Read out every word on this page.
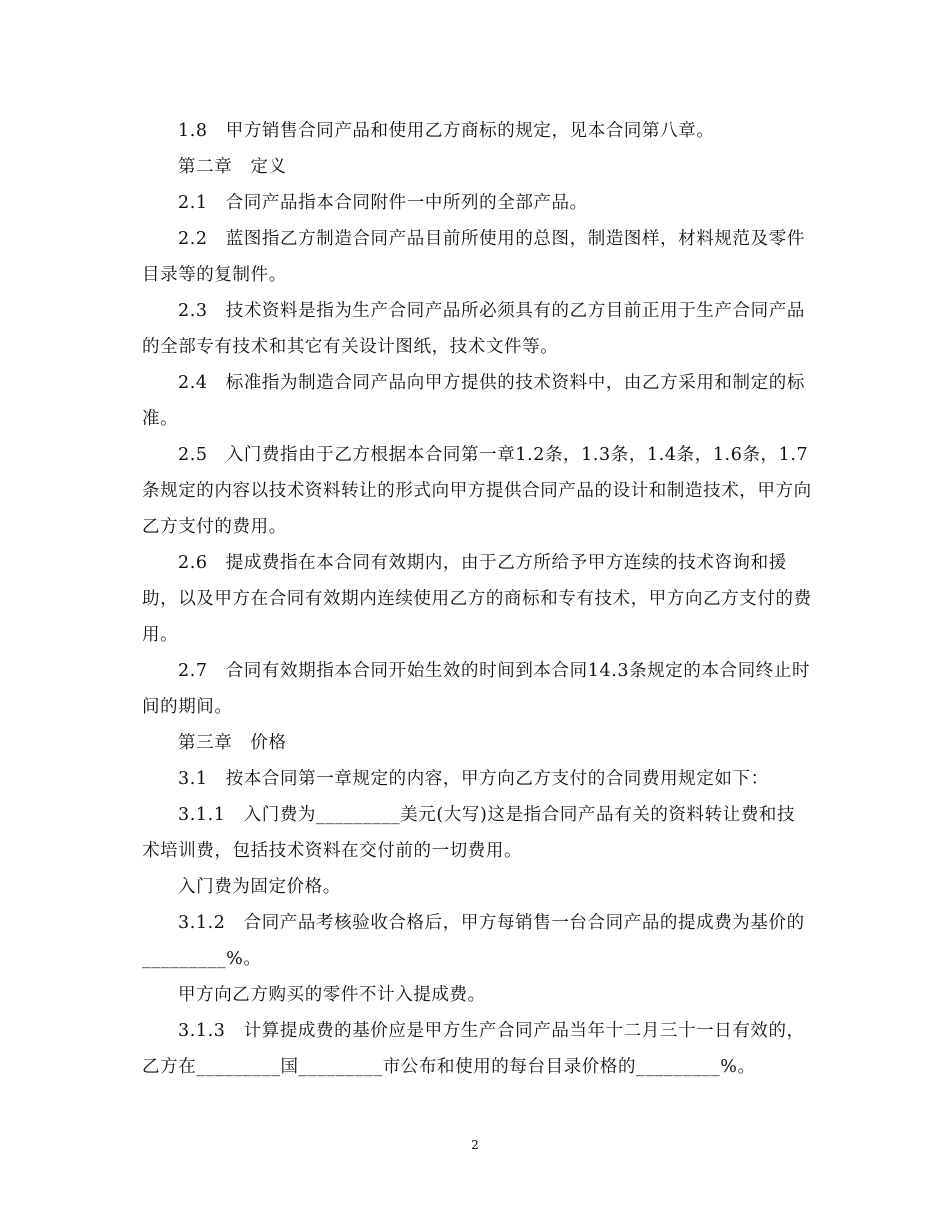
1.8　甲方销售合同产品和使用乙方商标的规定，见本合同第八章。

第二章　定义

2.1　合同产品指本合同附件一中所列的全部产品。

2.2　蓝图指乙方制造合同产品目前所使用的总图，制造图样，材料规范及零件目录等的复制件。

2.3　技术资料是指为生产合同产品所必须具有的乙方目前正用于生产合同产品的全部专有技术和其它有关设计图纸，技术文件等。

2.4　标准指为制造合同产品向甲方提供的技术资料中，由乙方采用和制定的标准。

2.5　入门费指由于乙方根据本合同第一章1.2条，1.3条，1.4条，1.6条，1.7条规定的内容以技术资料转让的形式向甲方提供合同产品的设计和制造技术，甲方向乙方支付的费用。

2.6　提成费指在本合同有效期内，由于乙方所给予甲方连续的技术咨询和援助，以及甲方在合同有效期内连续使用乙方的商标和专有技术，甲方向乙方支付的费用。

2.7　合同有效期指本合同开始生效的时间到本合同14.3条规定的本合同终止时间的期间。

第三章　价格

3.1　按本合同第一章规定的内容，甲方向乙方支付的合同费用规定如下：

3.1.1　入门费为_________美元(大写)这是指合同产品有关的资料转让费和技术培训费，包括技术资料在交付前的一切费用。

入门费为固定价格。

3.1.2　合同产品考核验收合格后，甲方每销售一台合同产品的提成费为基价的_________%。

甲方向乙方购买的零件不计入提成费。

3.1.3　计算提成费的基价应是甲方生产合同产品当年十二月三十一日有效的，乙方在_________国_________市公布和使用的每台目录价格的_________%。

2
